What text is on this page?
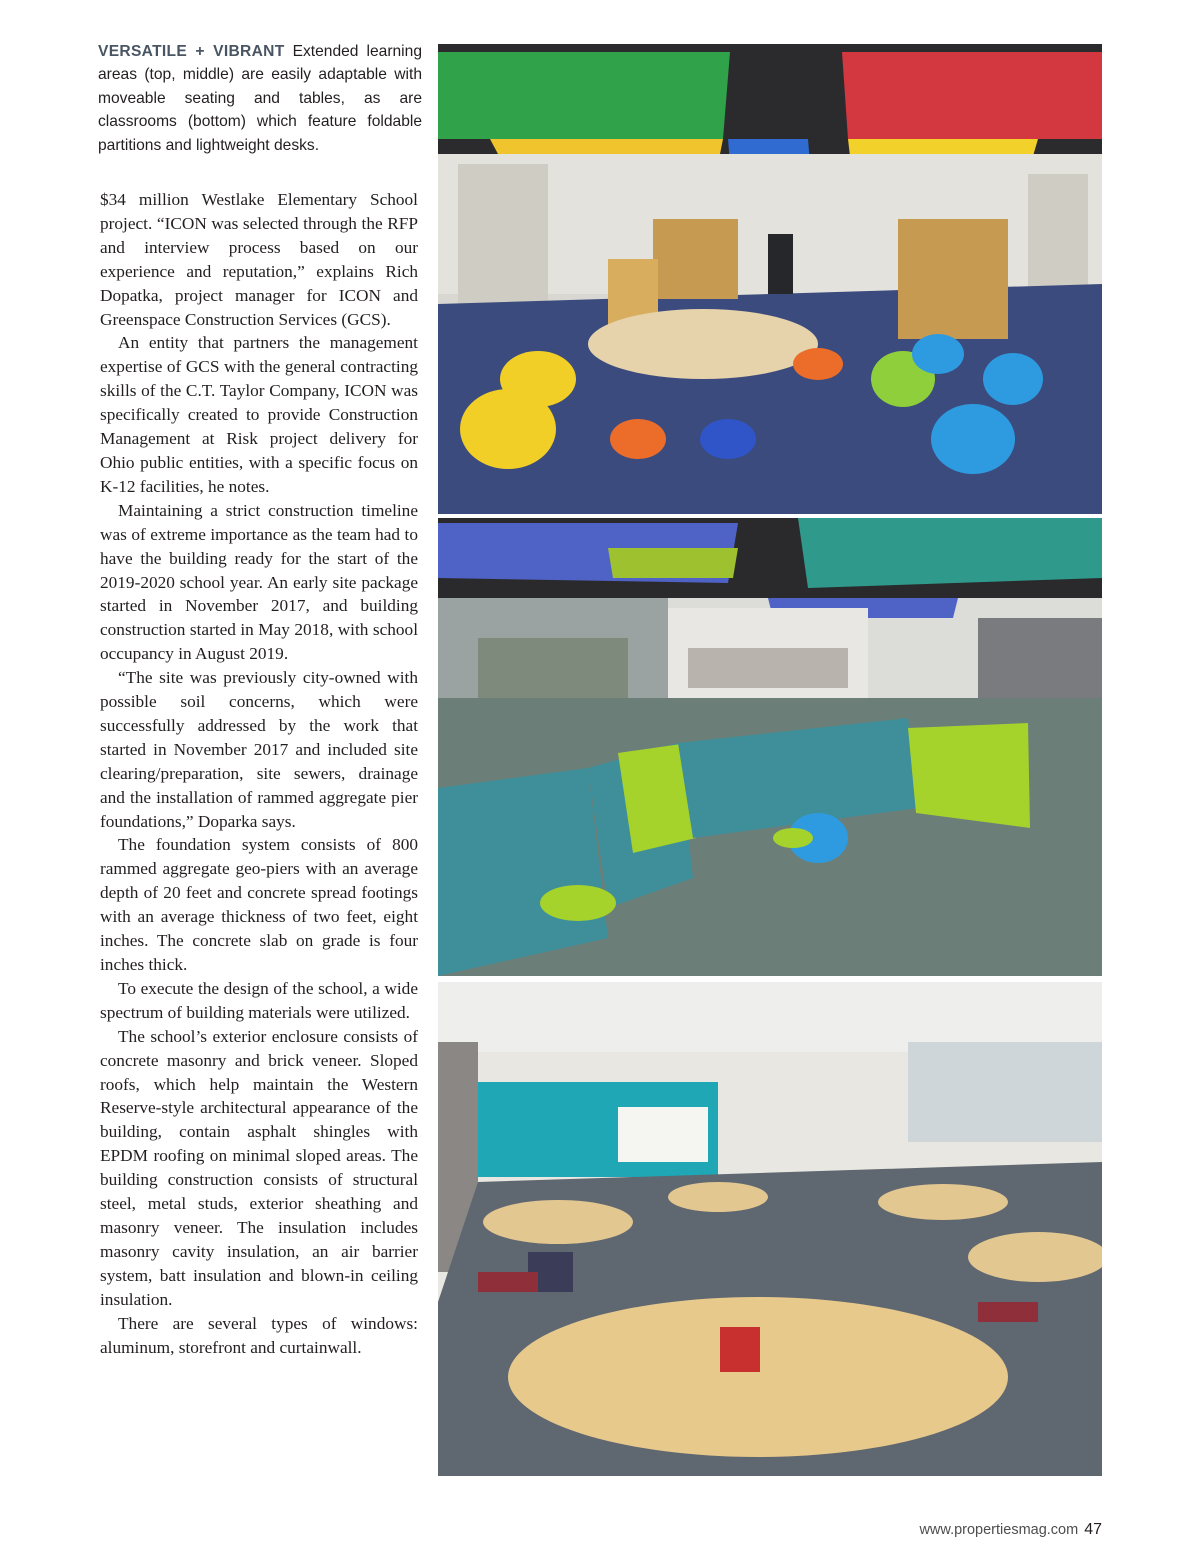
VERSATILE + VIBRANT Extended learning areas (top, middle) are easily adaptable with moveable seating and tables, as are classrooms (bottom) which feature foldable partitions and lightweight desks.

$34 million Westlake Elementary School project. “ICON was selected through the RFP and interview process based on our experience and reputation,” explains Rich Dopatka, project manager for ICON and Greenspace Construction Services (GCS).

An entity that partners the management expertise of GCS with the general contracting skills of the C.T. Taylor Company, ICON was specifically created to provide Construction Management at Risk project delivery for Ohio public entities, with a specific focus on K-12 facilities, he notes.

Maintaining a strict construction timeline was of extreme importance as the team had to have the building ready for the start of the 2019-2020 school year. An early site package started in November 2017, and building construction started in May 2018, with school occupancy in August 2019.

“The site was previously city-owned with possible soil concerns, which were successfully addressed by the work that started in November 2017 and included site clearing/preparation, site sewers, drainage and the installation of rammed aggregate pier foundations,” Doparka says.

The foundation system consists of 800 rammed aggregate geo-piers with an average depth of 20 feet and concrete spread footings with an average thickness of two feet, eight inches. The concrete slab on grade is four inches thick.

To execute the design of the school, a wide spectrum of building materials were utilized.

The school’s exterior enclosure consists of concrete masonry and brick veneer. Sloped roofs, which help maintain the Western Reserve-style architectural appearance of the building, contain asphalt shingles with EPDM roofing on minimal sloped areas. The building construction consists of structural steel, metal studs, exterior sheathing and masonry veneer. The insulation includes masonry cavity insulation, an air barrier system, batt insulation and blown-in ceiling insulation.

There are several types of windows: aluminum, storefront and curtainwall.

www.propertiesmag.com 47
